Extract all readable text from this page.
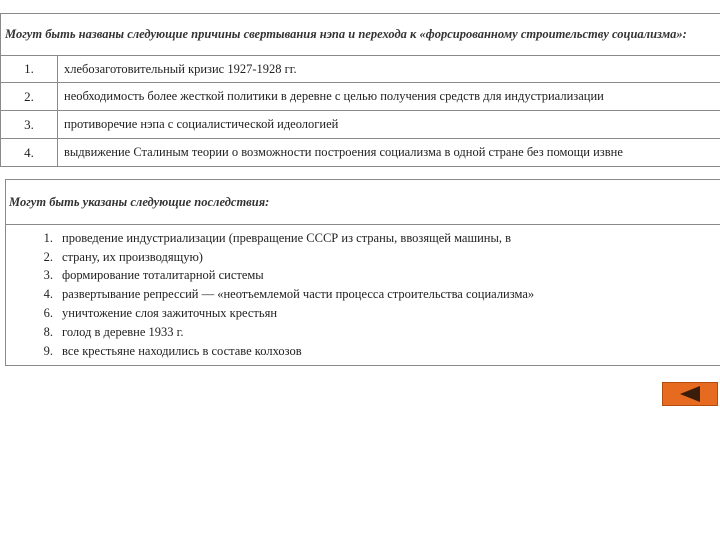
Могут быть названы следующие причины свертывания нэпа и перехода к «форсированному строительству социализма»:	
1.	хлебозаготовительный кризис 1927-1928 гг.
2.	необходимость более жесткой политики в деревне с целью получения средств для индустриализации
3.	противоречие нэпа с социалистической идеологией
4.	выдвижение Сталиным теории о возможности построения социализма в одной стране без помощи извне
Могут быть указаны следующие последствия:

1. проведение индустриализации (превращение СССР из страны, ввозящей машины, в
2. страну, их производящую)
3. формирование тоталитарной системы
4. развертывание репрессий — «неотъемлемой части процесса строительства социализма»
6. уничтожение слоя зажиточных крестьян
8. голод в деревне 1933 г.
9. все крестьяне находились в составе колхозов
